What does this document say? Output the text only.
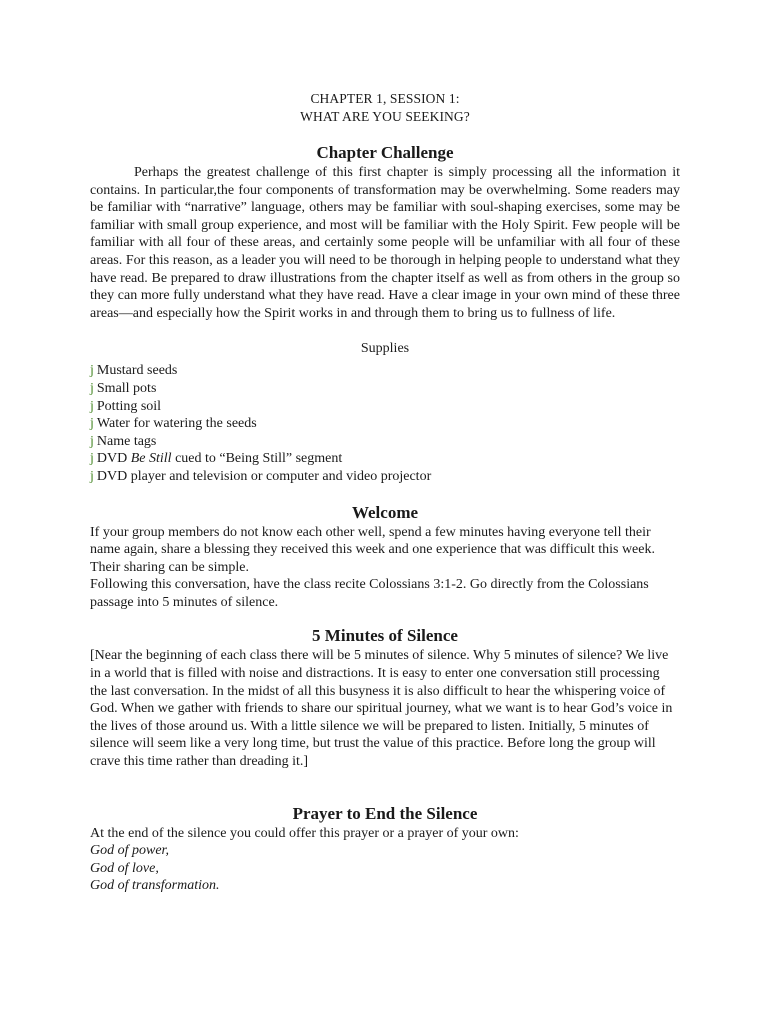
CHAPTER 1, SESSION 1:
WHAT ARE YOU SEEKING?
Chapter Challenge

Perhaps the greatest challenge of this first chapter is simply processing all the information it contains. In particular,the four components of transformation may be overwhelming. Some readers may be familiar with “narrative” language, others may be familiar with soul-shaping exercises, some may be familiar with small group experience, and most will be familiar with the Holy Spirit. Few people will be familiar with all four of these areas, and certainly some people will be unfamiliar with all four of these areas. For this reason, as a leader you will need to be thorough in helping people to understand what they have read. Be prepared to draw illustrations from the chapter itself as well as from others in the group so they can more fully understand what they have read. Have a clear image in your own mind of these three areas—and especially how the Spirit works in and through them to bring us to fullness of life.

Supplies
j Mustard seeds
j Small pots
j Potting soil
j Water for watering the seeds
j Name tags
j DVD Be Still cued to “Being Still” segment
j DVD player and television or computer and video projector
Welcome

If your group members do not know each other well, spend a few minutes having everyone tell their name again, share a blessing they received this week and one experience that was difficult this week. Their sharing can be simple.

Following this conversation, have the class recite Colossians 3:1-2. Go directly from the Colossians passage into 5 minutes of silence.

5 Minutes of Silence

[Near the beginning of each class there will be 5 minutes of silence. Why 5 minutes of silence? We live in a world that is filled with noise and distractions. It is easy to enter one conversation still processing the last conversation. In the midst of all this busyness it is also difficult to hear the whispering voice of God. When we gather with friends to share our spiritual journey, what we want is to hear God’s voice in the lives of those around us. With a little silence we will be prepared to listen. Initially, 5 minutes of silence will seem like a very long time, but trust the value of this practice. Before long the group will crave this time rather than dreading it.]

Prayer to End the Silence

At the end of the silence you could offer this prayer or a prayer of your own:

God of power,

God of love,

God of transformation.
